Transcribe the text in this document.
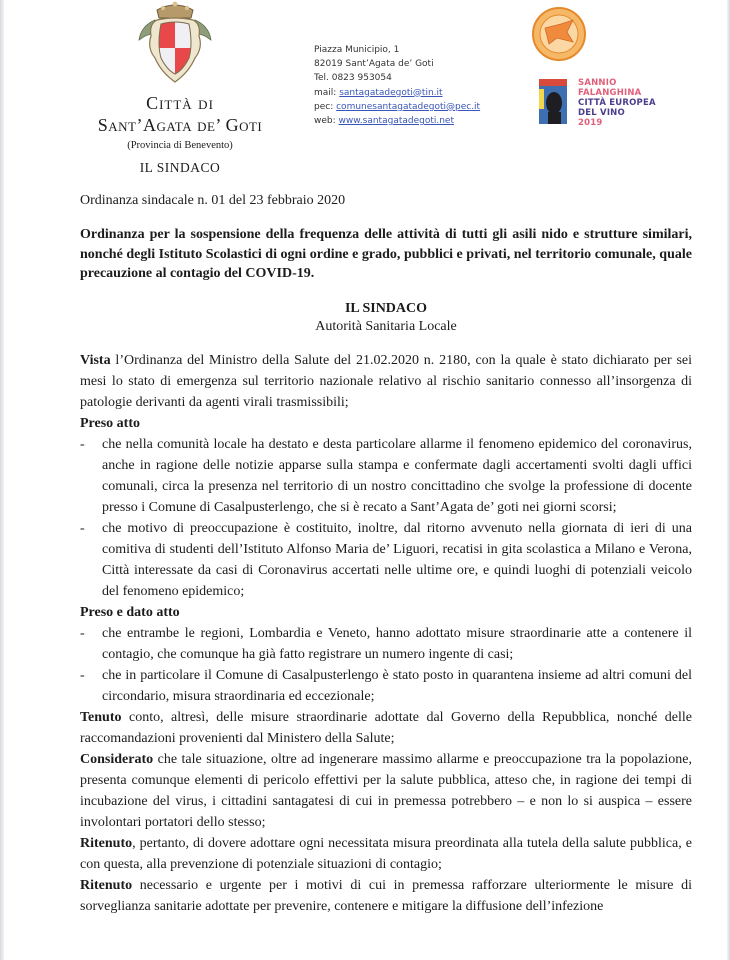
Città di
Sant’Agata de’ Goti
(Provincia di Benevento)
IL SINDACO
Piazza Municipio, 1
82019 Sant’Agata de’ Goti
Tel. 0823 953054
mail: santagatadegoti@tin.it
pec: comunesantagatadegoti@pec.it
web: www.santagatadegoti.net
SANNIO
FALANGHINA
CITTÀ EUROPEA
DEL VINO
2019

Ordinanza sindacale n. 01 del 23 febbraio 2020

Ordinanza per la sospensione della frequenza delle attività di tutti gli asili nido e strutture similari, nonché degli Istituto Scolastici di ogni ordine e grado, pubblici e privati, nel territorio comunale, quale precauzione al contagio del COVID-19.

IL SINDACO

Autorità Sanitaria Locale

Vista l’Ordinanza del Ministro della Salute del 21.02.2020 n. 2180, con la quale è stato dichiarato per sei mesi lo stato di emergenza sul territorio nazionale relativo al rischio sanitario connesso all’insorgenza di patologie derivanti da agenti virali trasmissibili;

Preso atto

- che nella comunità locale ha destato e desta particolare allarme il fenomeno epidemico del coronavirus, anche in ragione delle notizie apparse sulla stampa e confermate dagli accertamenti svolti dagli uffici comunali, circa la presenza nel territorio di un nostro concittadino che svolge la professione di docente presso i Comune di Casalpusterlengo, che si è recato a Sant’Agata de’ goti nei giorni scorsi;
- che motivo di preoccupazione è costituito, inoltre, dal ritorno avvenuto nella giornata di ieri di una comitiva di studenti dell’Istituto Alfonso Maria de’ Liguori, recatisi in gita scolastica a Milano e Verona, Città interessate da casi di Coronavirus accertati nelle ultime ore, e quindi luoghi di potenziali veicolo del fenomeno epidemico;

Preso e dato atto

- che entrambe le regioni, Lombardia e Veneto, hanno adottato misure straordinarie atte a contenere il contagio, che comunque ha già fatto registrare un numero ingente di casi;
- che in particolare il Comune di Casalpusterlengo è stato posto in quarantena insieme ad altri comuni del circondario, misura straordinaria ed eccezionale;

Tenuto conto, altresì, delle misure straordinarie adottate dal Governo della Repubblica, nonché delle raccomandazioni provenienti dal Ministero della Salute;

Considerato che tale situazione, oltre ad ingenerare massimo allarme e preoccupazione tra la popolazione, presenta comunque elementi di pericolo effettivi per la salute pubblica, atteso che, in ragione dei tempi di incubazione del virus, i cittadini santagatesi di cui in premessa potrebbero – e non lo si auspica – essere involontari portatori dello stesso;

Ritenuto, pertanto, di dovere adottare ogni necessitata misura preordinata alla tutela della salute pubblica, e con questa, alla prevenzione di potenziale situazioni di contagio;

Ritenuto necessario e urgente per i motivi di cui in premessa rafforzare ulteriormente le misure di sorveglianza sanitarie adottate per prevenire, contenere e mitigare la diffusione dell’infezione
